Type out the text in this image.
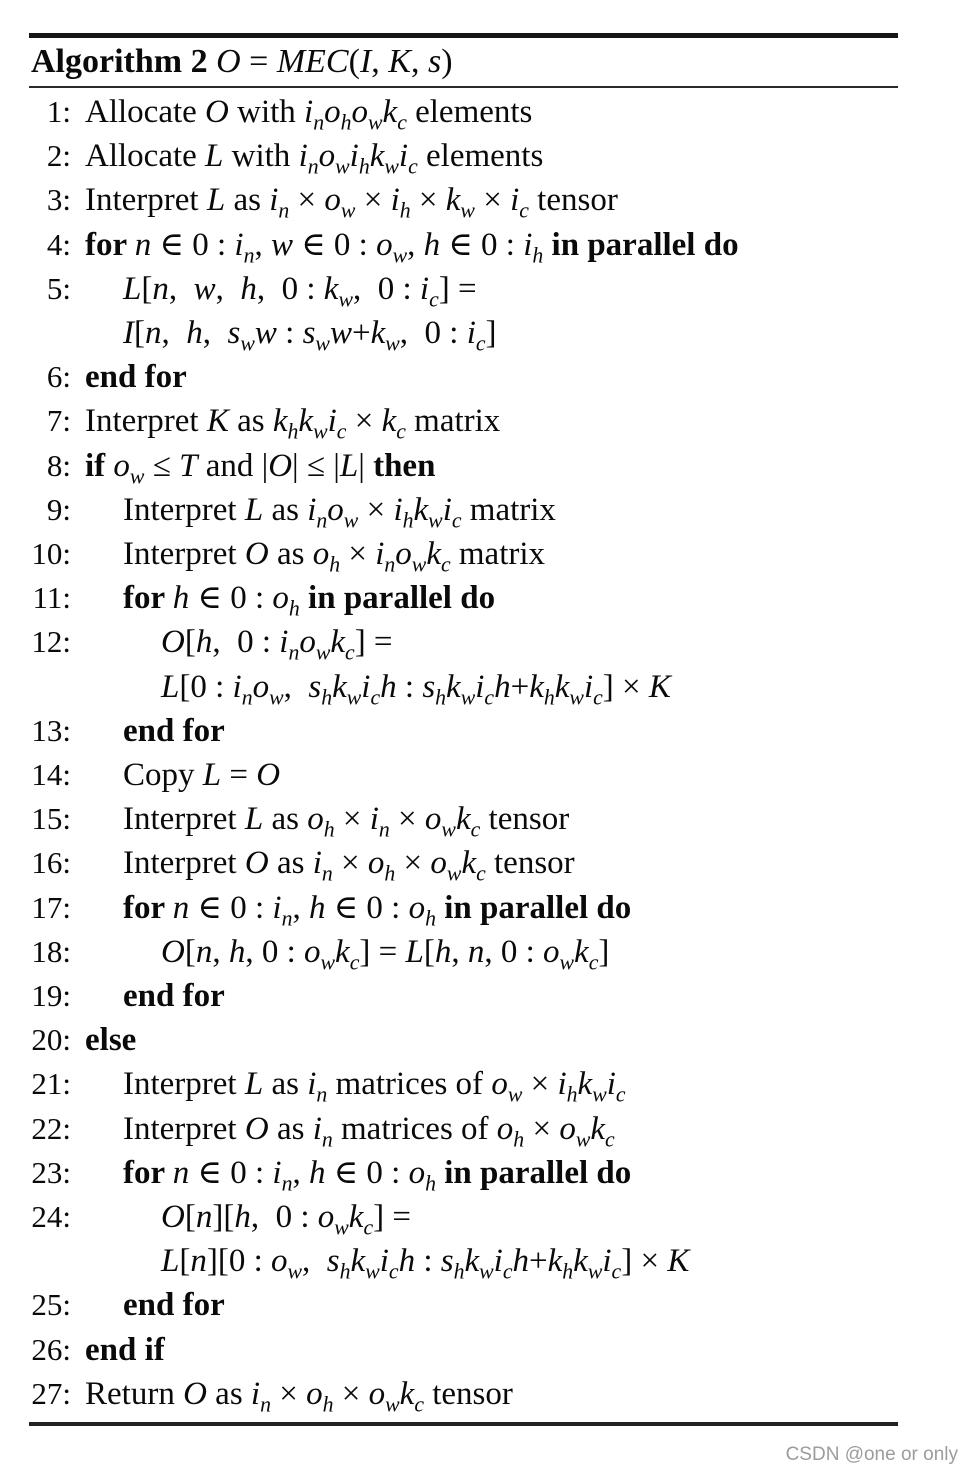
Algorithm 2 O = MEC(I, K, s)
1: Allocate O with $i_no_ho_wk_c$ elements
2: Allocate L with $i_no_wi_hk_wi_c$ elements
3: Interpret L as $i_n \times o_w \times i_h \times k_w \times i_c$ tensor
4: for n ∈ 0 : $i_n$, w ∈ 0 : $o_w$, h ∈ 0 : $i_h$ in parallel do
5:	L[n,  w,  h,  0 : $k_w$,  0 : $i_c$] =
I[n,  h,  $s_ww$ : $s_ww+k_w$,  0 : $i_c$]
6: end for
7: Interpret K as $k_hk_wi_c \times k_c$ matrix
8: if $o_w \le T$ and |O| ≤ |L| then
9:	Interpret L as $i_no_w \times i_hk_wi_c$ matrix
10:	Interpret O as $o_h \times i_no_wk_c$ matrix
11:	for h ∈ 0 : $o_h$ in parallel do
12:	O[h,  0 : $i_no_wk_c$] =
L[0 : $i_no_w$,  $s_hk_wi_ch$ : $s_hk_wi_ch+k_hk_wi_c] \times K$
13:	end for
14:	Copy L = O
15:	Interpret L as $o_h \times i_n \times o_wk_c$ tensor
16:	Interpret O as $i_n \times o_h \times o_wk_c$ tensor
17:	for n ∈ 0 : $i_n$, h ∈ 0 : $o_h$ in parallel do
18:	O[n, h, 0 : $o_wk_c] = L[h$, n, 0 : $o_wk_c$]
19:	end for
20: else
21:	Interpret L as $i_n$ matrices of $o_w \times i_hk_wi_c$
22:	Interpret O as $i_n$ matrices of $o_h \times o_wk_c$
23:	for n ∈ 0 : $i_n$, h ∈ 0 : $o_h$ in parallel do
24:	O[n][h,  0 : $o_wk_c$] =
L[n][0 : $o_w$,  $s_hk_wi_ch$ : $s_hk_wi_ch+k_hk_wi_c] \times K$
25:	end for
26: end if
27: Return O as $i_n \times o_h \times o_wk_c$ tensor
CSDN @one or only
